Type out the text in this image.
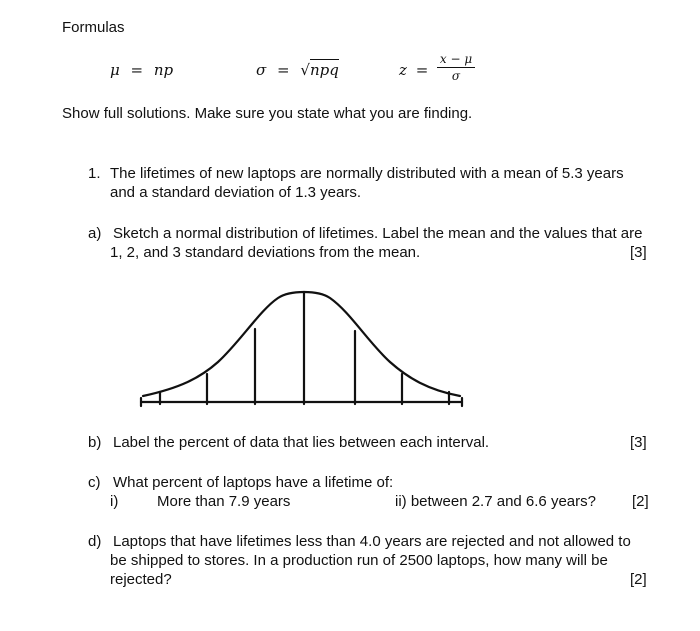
Formulas
μ = np	σ = √npq	z =
x − μ
σ
Show full solutions. Make sure you state what you are finding.
1. The lifetimes of new laptops are normally distributed with a mean of 5.3 years
and a standard deviation of 1.3 years.
a) Sketch a normal distribution of lifetimes. Label the mean and the values that are
1, 2, and 3 standard deviations from the mean.	[3]
b) Label the percent of data that lies between each interval.	[3]
c) What percent of laptops have a lifetime of:
i)	More than 7.9 years	ii) between 2.7 and 6.6 years? [2]
d) Laptops that have lifetimes less than 4.0 years are rejected and not allowed to
be shipped to stores. In a production run of 2500 laptops, how many will be
rejected?	[2]
